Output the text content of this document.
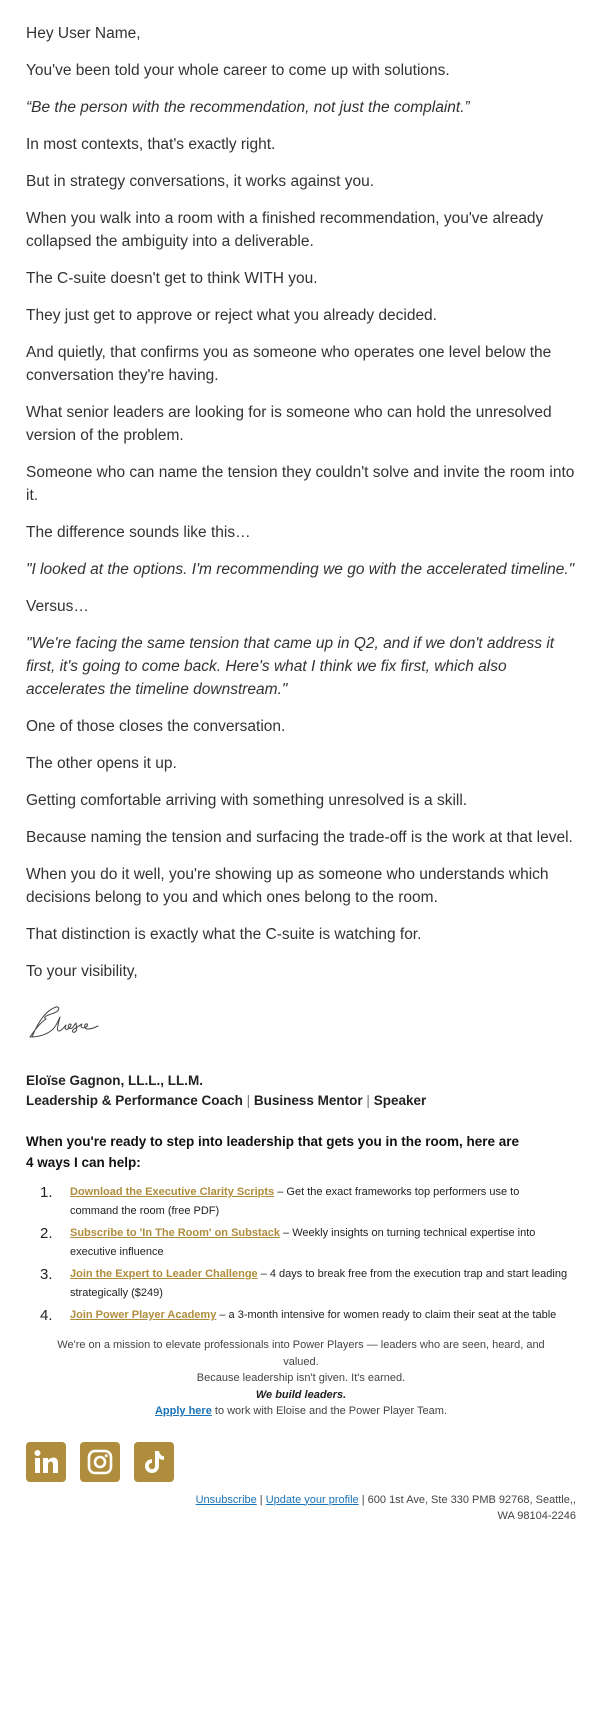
Hey User Name,

You've been told your whole career to come up with solutions.

“Be the person with the recommendation, not just the complaint.”

In most contexts, that's exactly right.

But in strategy conversations, it works against you.

When you walk into a room with a finished recommendation, you've already collapsed the ambiguity into a deliverable.

The C-suite doesn't get to think WITH you.

They just get to approve or reject what you already decided.

And quietly, that confirms you as someone who operates one level below the conversation they're having.

What senior leaders are looking for is someone who can hold the unresolved version of the problem.

Someone who can name the tension they couldn't solve and invite the room into it.

The difference sounds like this…

"I looked at the options. I'm recommending we go with the accelerated timeline."

Versus…

"We're facing the same tension that came up in Q2, and if we don't address it first, it's going to come back. Here's what I think we fix first, which also accelerates the timeline downstream."

One of those closes the conversation.

The other opens it up.

Getting comfortable arriving with something unresolved is a skill.

Because naming the tension and surfacing the trade-off is the work at that level.

When you do it well, you're showing up as someone who understands which decisions belong to you and which ones belong to the room.

That distinction is exactly what the C-suite is watching for.

To your visibility,

Eloïse Gagnon, LL.L., LL.M.
Leadership & Performance Coach | Business Mentor | Speaker
When you're ready to step into leadership that gets you in the room, here are 4 ways I can help:
1.	Download the Executive Clarity Scripts – Get the exact frameworks top performers use to command the room (free PDF)
2.	Subscribe to 'In The Room' on Substack – Weekly insights on turning technical expertise into executive influence
3.	Join the Expert to Leader Challenge – 4 days to break free from the execution trap and start leading strategically ($249)
4.	Join Power Player Academy – a 3-month intensive for women ready to claim their seat at the table
We're on a mission to elevate professionals into Power Players — leaders who are seen, heard, and valued.
Because leadership isn't given. It's earned.
We build leaders.
Apply here to work with Eloise and the Power Player Team.
Unsubscribe | Update your profile | 600 1st Ave, Ste 330 PMB 92768, Seattle,, WA 98104-2246
